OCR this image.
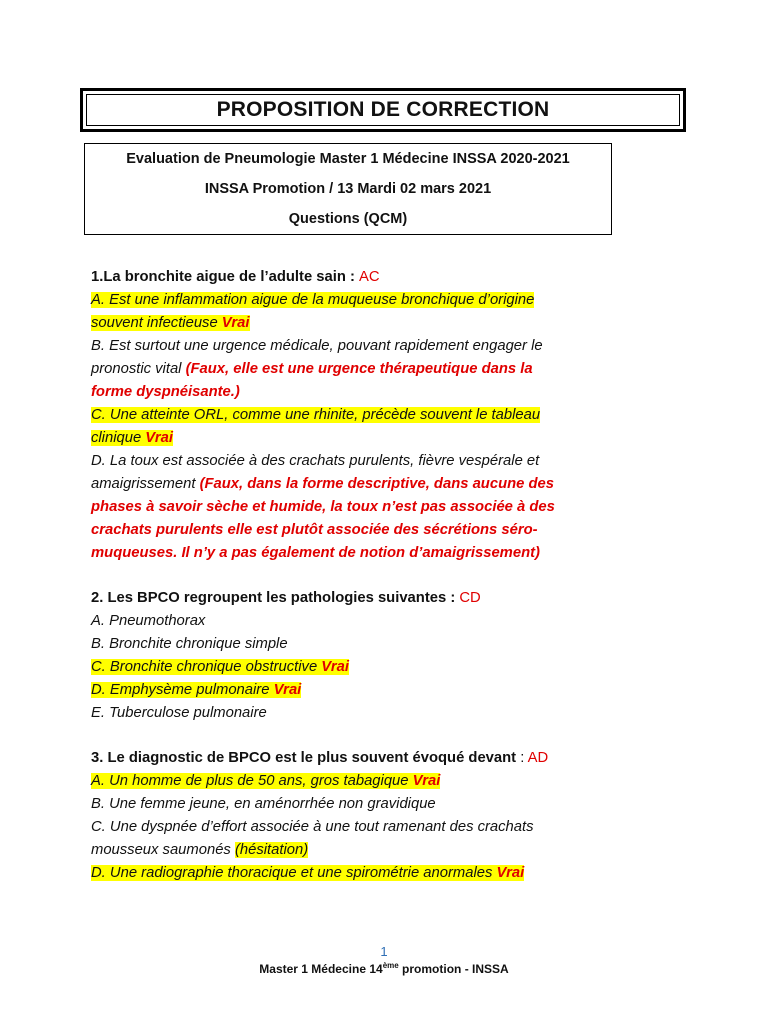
PROPOSITION DE CORRECTION
Evaluation de Pneumologie Master 1 Médecine INSSA 2020-2021
INSSA Promotion / 13 Mardi 02 mars 2021
Questions (QCM)

1.La bronchite aigue de l’adulte sain : AC

A. Est une inflammation aigue de la muqueuse bronchique d’origine

souvent infectieuse Vrai

B. Est surtout une urgence médicale, pouvant rapidement engager le

pronostic vital (Faux, elle est une urgence thérapeutique dans la

forme dyspnéisante.)

C. Une atteinte ORL, comme une rhinite, précède souvent le tableau

clinique Vrai

D. La toux est associée à des crachats purulents, fièvre vespérale et

amaigrissement (Faux, dans la forme descriptive, dans aucune des

phases à savoir sèche et humide, la toux n’est pas associée à des

crachats purulents elle est plutôt associée des sécrétions séro-

muqueuses. Il n’y a pas également de notion d’amaigrissement)

2. Les BPCO regroupent les pathologies suivantes : CD

A. Pneumothorax

B. Bronchite chronique simple

C. Bronchite chronique obstructive Vrai

D. Emphysème pulmonaire Vrai

E. Tuberculose pulmonaire

3. Le diagnostic de BPCO est le plus souvent évoqué devant : AD

A. Un homme de plus de 50 ans, gros tabagique Vrai

B. Une femme jeune, en aménorrhée non gravidique

C. Une dyspnée d’effort associée à une tout ramenant des crachats

mousseux saumonés (hésitation)

D. Une radiographie thoracique et une spirométrie anormales Vrai

1
Master 1 Médecine 14ème promotion - INSSA
